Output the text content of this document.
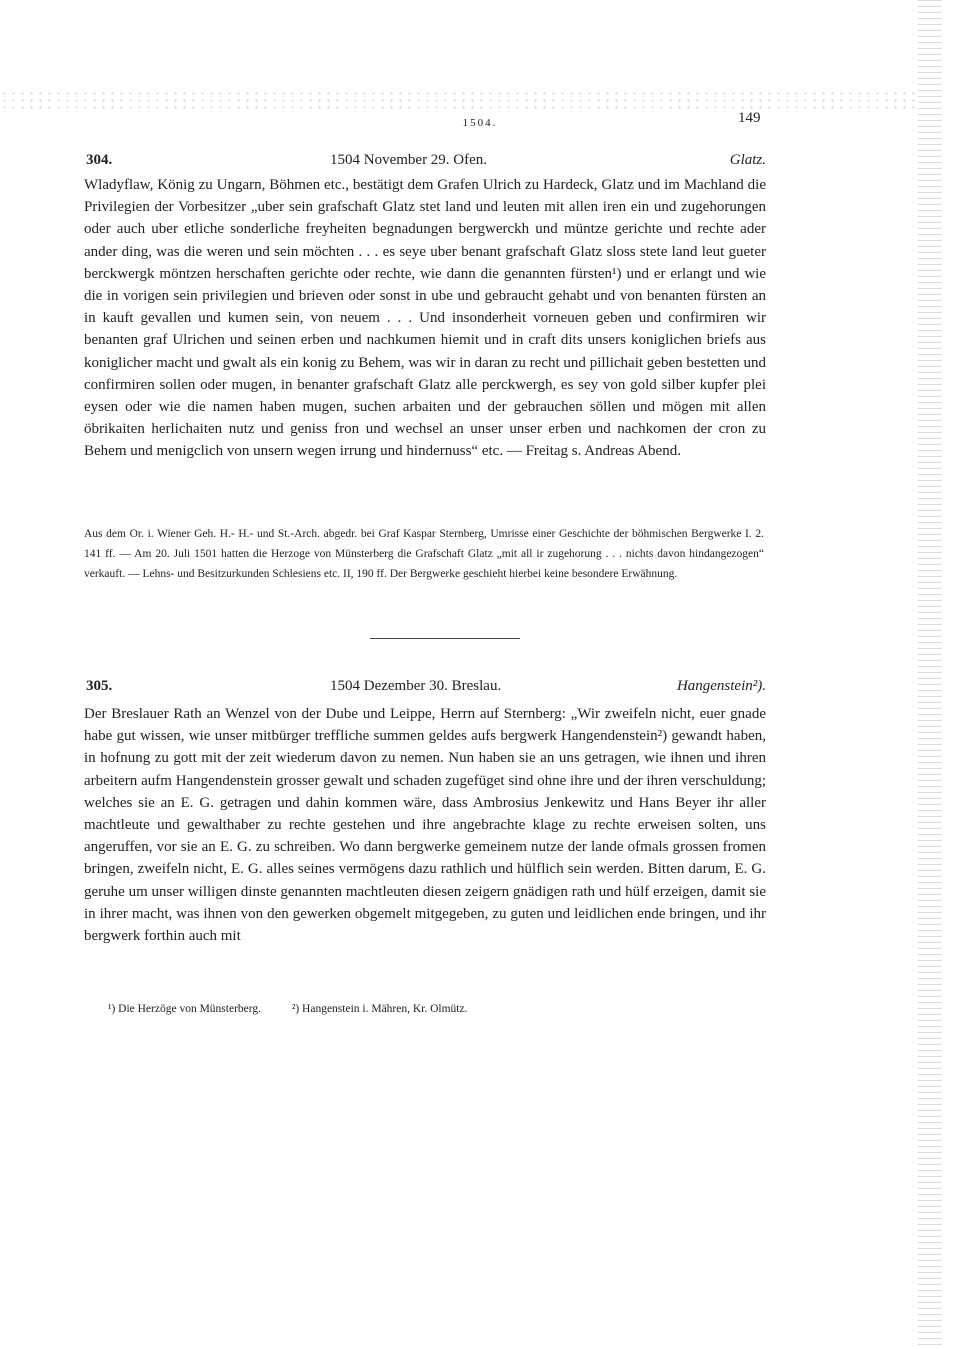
1504.	149
304.	1504 November 29. Ofen.	Glatz.
Wladyflaw, König zu Ungarn, Böhmen etc., bestätigt dem Grafen Ulrich zu Hardeck, Glatz und im Machland die Privilegien der Vorbesitzer „uber sein grafschaft Glatz stet land und leuten mit allen iren ein und zugehorungen oder auch uber etliche sonderliche freyheiten begnadungen bergwerckh und müntze gerichte und rechte ader ander ding, was die weren und sein möchten . . . es seye uber benant grafschaft Glatz sloss stete land leut gueter berckwergk möntzen herschaften gerichte oder rechte, wie dann die genannten fürsten¹) und er erlangt und wie die in vorigen sein privilegien und brieven oder sonst in ube und gebraucht gehabt und von benanten fürsten an in kauft gevallen und kumen sein, von neuem . . . Und insonderheit vorneuen geben und confirmiren wir benanten graf Ulrichen und seinen erben und nachkumen hiemit und in craft dits unsers koniglichen briefs aus koniglicher macht und gwalt als ein konig zu Behem, was wir in daran zu recht und pillichait geben bestetten und confirmiren sollen oder mugen, in benanter grafschaft Glatz alle perckwergh, es sey von gold silber kupfer plei eysen oder wie die namen haben mugen, suchen arbaiten und der gebrauchen söllen und mögen mit allen öbrikaiten herlichaiten nutz und geniss fron und wechsel an unser unser erben und nachkomen der cron zu Behem und menigclich von unsern wegen irrung und hindernuss“ etc. — Freitag s. Andreas Abend.
Aus dem Or. i. Wiener Geh. H.- H.- und St.-Arch. abgedr. bei Graf Kaspar Sternberg, Umrisse einer Geschichte der böhmischen Bergwerke I. 2. 141 ff. — Am 20. Juli 1501 hatten die Herzoge von Münsterberg die Grafschaft Glatz „mit all ir zugehorung . . . nichts davon hindangezogen“ verkauft. — Lehns- und Besitzurkunden Schlesiens etc. II, 190 ff. Der Bergwerke geschieht hierbei keine besondere Erwähnung.
305.	1504 Dezember 30. Breslau.	Hangenstein²).
Der Breslauer Rath an Wenzel von der Dube und Leippe, Herrn auf Sternberg: „Wir zweifeln nicht, euer gnade habe gut wissen, wie unser mitbürger treffliche summen geldes aufs bergwerk Hangendenstein²) gewandt haben, in hofnung zu gott mit der zeit wiederum davon zu nemen. Nun haben sie an uns getragen, wie ihnen und ihren arbeitern aufm Hangendenstein grosser gewalt und schaden zugefüget sind ohne ihre und der ihren verschuldung; welches sie an E. G. getragen und dahin kommen wäre, dass Ambrosius Jenkewitz und Hans Beyer ihr aller machtleute und gewalthaber zu rechte gestehen und ihre angebrachte klage zu rechte erweisen solten, uns angeruffen, vor sie an E. G. zu schreiben. Wo dann bergwerke gemeinem nutze der lande ofmals grossen fromen bringen, zweifeln nicht, E. G. alles seines vermögens dazu rathlich und hülflich sein werden. Bitten darum, E. G. geruhe um unser willigen dinste genannten machtleuten diesen zeigern gnädigen rath und hülf erzeigen, damit sie in ihrer macht, was ihnen von den gewerken obgemelt mitgegeben, zu guten und leidlichen ende bringen, und ihr bergwerk forthin auch mit
¹) Die Herzöge von Münsterberg.	²) Hangenstein i. Mähren, Kr. Olmütz.
